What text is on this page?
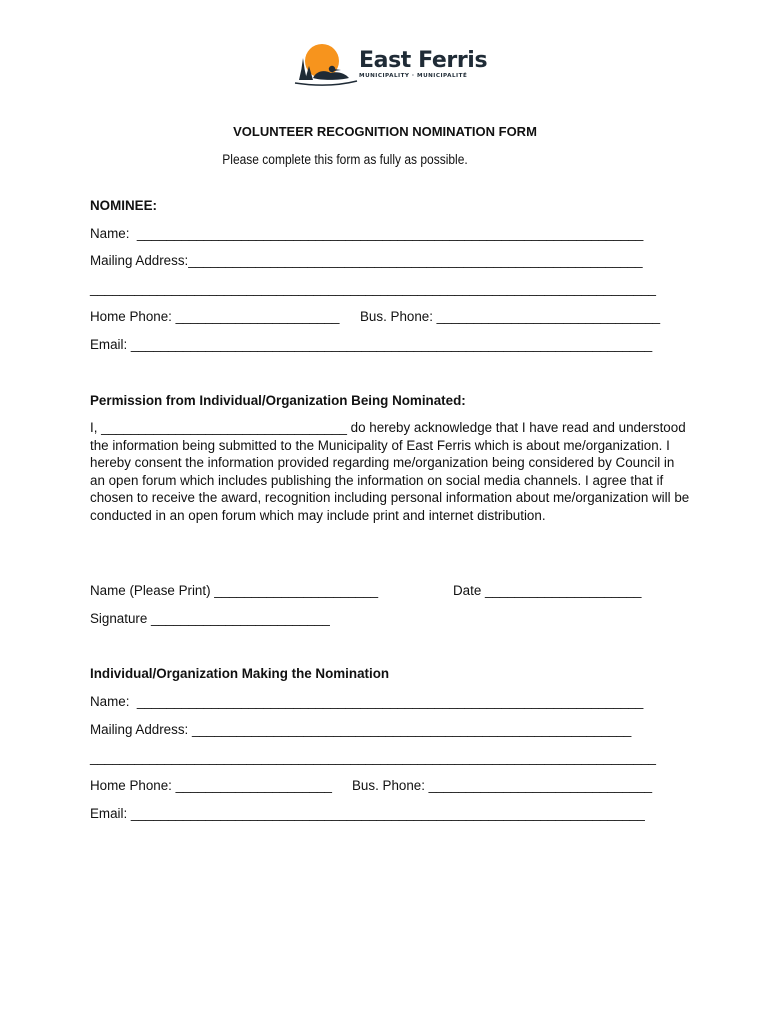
East Ferris
MUNICIPALITY · MUNICIPALITÉ
VOLUNTEER RECOGNITION NOMINATION FORM
Please complete this form as fully as possible.
NOMINEE:
Name:  ____________________________________________________________________
Mailing Address:_____________________________________________________________
____________________________________________________________________________
Home Phone: ______________________ Bus. Phone: ______________________________
Email: ______________________________________________________________________
Permission from Individual/Organization Being Nominated:
I, _________________________________ do hereby acknowledge that I have read and understood the information being submitted to the Municipality of East Ferris which is about me/organization. I hereby consent the information provided regarding me/organization being considered by Council in an open forum which includes publishing the information on social media channels. I agree that if chosen to receive the award, recognition including personal information about me/organization will be conducted in an open forum which may include print and internet distribution.
Name (Please Print) ______________________	Date _____________________
Signature ________________________
Individual/Organization Making the Nomination
Name:  ____________________________________________________________________
Mailing Address: ___________________________________________________________
____________________________________________________________________________
Home Phone: _____________________ Bus. Phone: ______________________________
Email: _____________________________________________________________________
